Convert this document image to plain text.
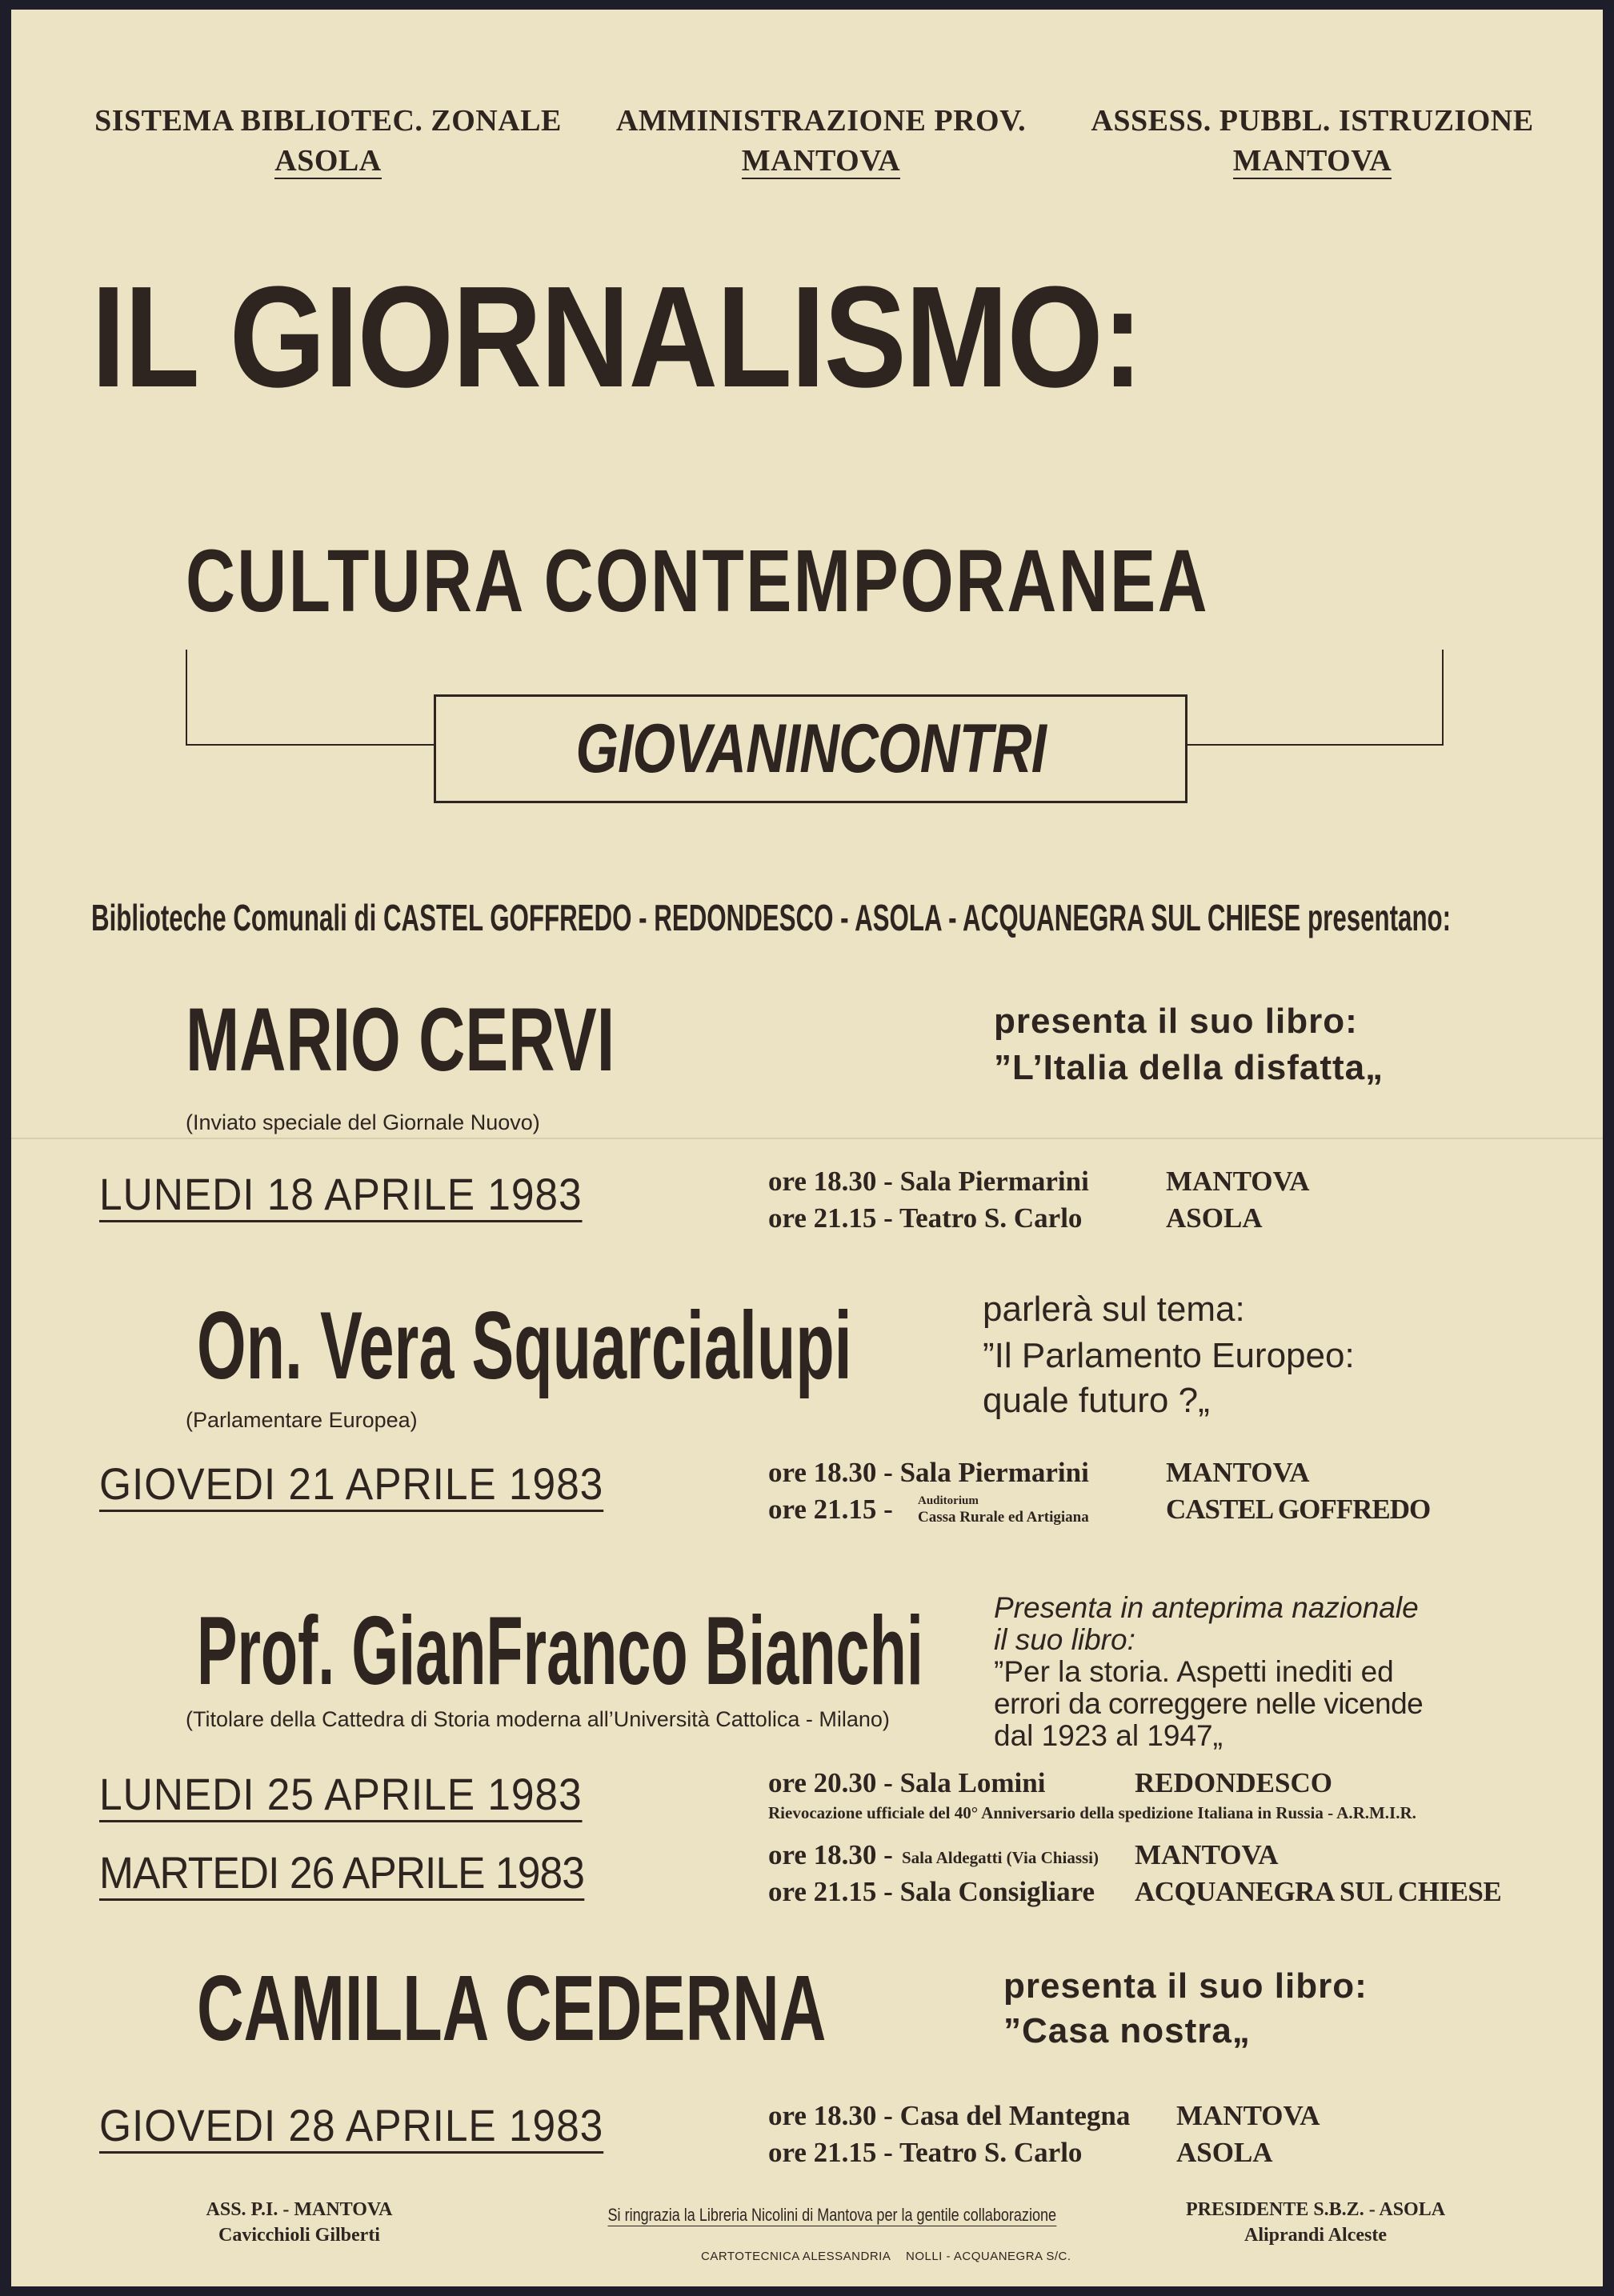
SISTEMA BIBLIOTEC. ZONALE
ASOLA
AMMINISTRAZIONE PROV.
MANTOVA
ASSESS. PUBBL. ISTRUZIONE
MANTOVA
IL GIORNALISMO:
CULTURA CONTEMPORANEA
GIOVANINCONTRI
Biblioteche Comunali di CASTEL GOFFREDO - REDONDESCO - ASOLA - ACQUANEGRA SUL CHIESE presentano:
MARIO CERVI
(Inviato speciale del Giornale Nuovo)
presenta il suo libro:
”L’Italia della disfatta„
LUNEDI 18 APRILE 1983	ore 18.30 - Sala Piermarini	MANTOVA
ore 21.15 - Teatro S. Carlo	ASOLA
On. Vera Squarcialupi
(Parlamentare Europea)
parlerà sul tema:
”Il Parlamento Europeo:
quale futuro ?„
GIOVEDI 21 APRILE 1983	ore 18.30 - Sala Piermarini	MANTOVA
ore 21.15 - Auditorium
Cassa Rurale ed Artigiana	CASTEL GOFFREDO
Prof. GianFranco Bianchi
(Titolare della Cattedra di Storia moderna all’Università Cattolica - Milano)
Presenta in anteprima nazionale
il suo libro:
”Per la storia. Aspetti inediti ed
errori da correggere nelle vicende
dal 1923 al 1947„
LUNEDI 25 APRILE 1983	ore 20.30 - Sala Lomini	REDONDESCO
Rievocazione ufficiale del 40° Anniversario della spedizione Italiana in Russia - A.R.M.I.R.
MARTEDI 26 APRILE 1983	ore 18.30 - Sala Aldegatti (Via Chiassi) MANTOVA
ore 21.15 - Sala Consigliare ACQUANEGRA SUL CHIESE
CAMILLA CEDERNA	presenta il suo libro:
”Casa nostra„
GIOVEDI 28 APRILE 1983	ore 18.30 - Casa del Mantegna MANTOVA
ore 21.15 - Teatro S. Carlo	ASOLA
ASS. P.I. - MANTOVA
Cavicchioli Gilberti
Si ringrazia la Libreria Nicolini di Mantova per la gentile collaborazione	PRESIDENTE S.B.Z. - ASOLA
Aliprandi Alceste
CARTOTECNICA ALESSANDRIA NOLLI - ACQUANEGRA S/C.
